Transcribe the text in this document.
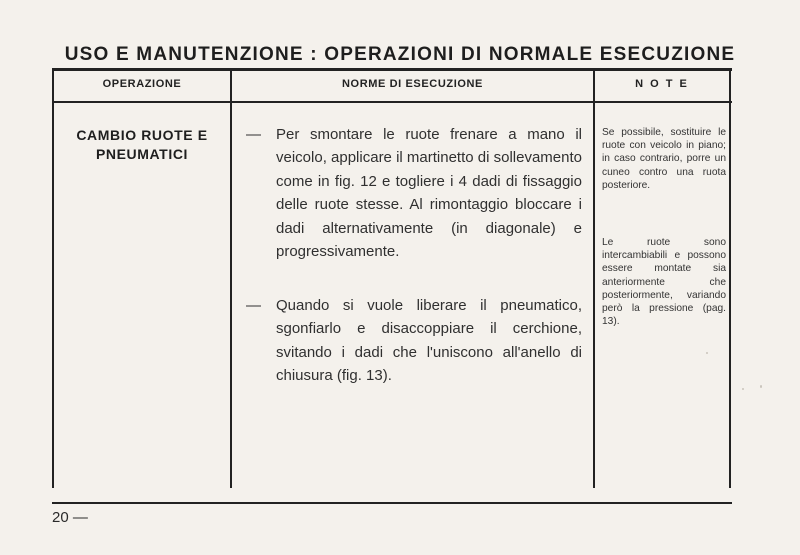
USO E MANUTENZIONE : OPERAZIONI DI NORMALE ESECUZIONE
OPERAZIONE	NORME DI ESECUZIONE	N O T E
CAMBIO RUOTE E PNEUMATICI
— Per smontare le ruote frenare a mano il veicolo, applicare il martinetto di sollevamento come in fig. 12 e togliere i 4 dadi di fissaggio delle ruote stesse. Al rimontaggio bloccare i dadi alternativamente (in diagonale) e progressivamente.
— Quando si vuole liberare il pneumatico, sgonfiarlo e disaccoppiare il cerchione, svitando i dadi che l'uniscono all'anello di chiusura (fig. 13).
Se possibile, sostituire le ruote con veicolo in piano; in caso contrario, porre un cuneo contro una ruota posteriore.
Le ruote sono intercambiabili e possono essere montate sia anteriormente che posteriormente, variando però la pressione (pag. 13).
20 —
